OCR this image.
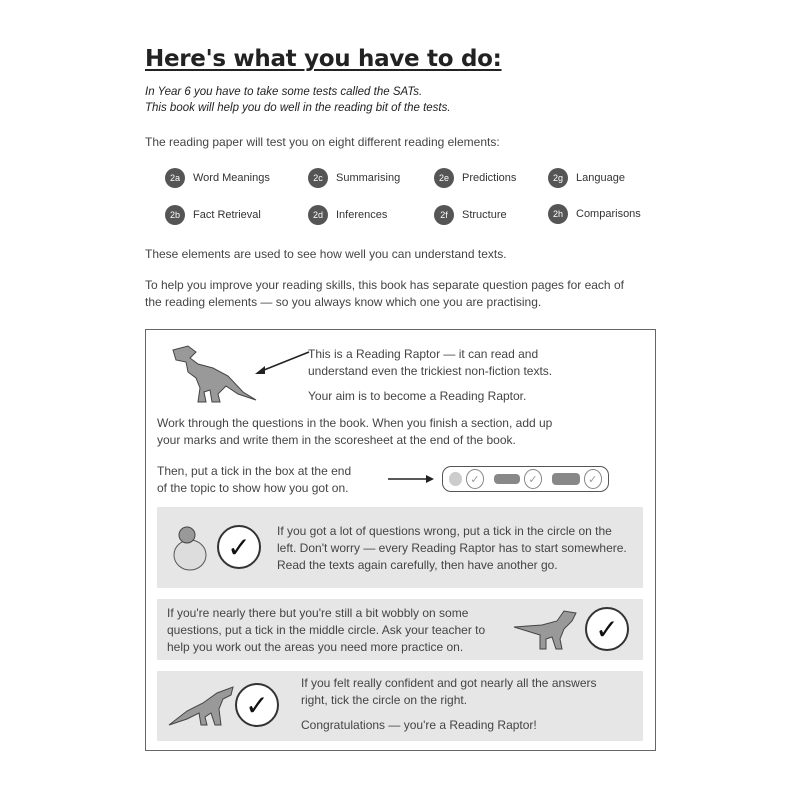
Here's what you have to do:
In Year 6 you have to take some tests called the SATs.
This book will help you do well in the reading bit of the tests.
The reading paper will test you on eight different reading elements:
2a	Word Meanings	2c	Summarising	2e	Predictions	2g	Language
2b	Fact Retrieval	2d	Inferences	2f	Structure	2h	Comparisons
These elements are used to see how well you can understand texts.
To help you improve your reading skills, this book has separate question pages for each of
the reading elements — so you always know which one you are practising.
This is a Reading Raptor — it can read and
understand even the trickiest non-fiction texts.
Your aim is to become a Reading Raptor.
Work through the questions in the book. When you finish a section, add up
your marks and write them in the scoresheet at the end of the book.
Then, put a tick in the box at the end
of the topic to show how you got on.
✓	✓	✓
✓	If you got a lot of questions wrong, put a tick in the circle on the
left. Don't worry — every Reading Raptor has to start somewhere.
Read the texts again carefully, then have another go.
If you're nearly there but you're still a bit wobbly on some
questions, put a tick in the middle circle. Ask your teacher to
help you work out the areas you need more practice on.
✓
✓
If you felt really confident and got nearly all the answers
right, tick the circle on the right.
Congratulations — you're a Reading Raptor!
